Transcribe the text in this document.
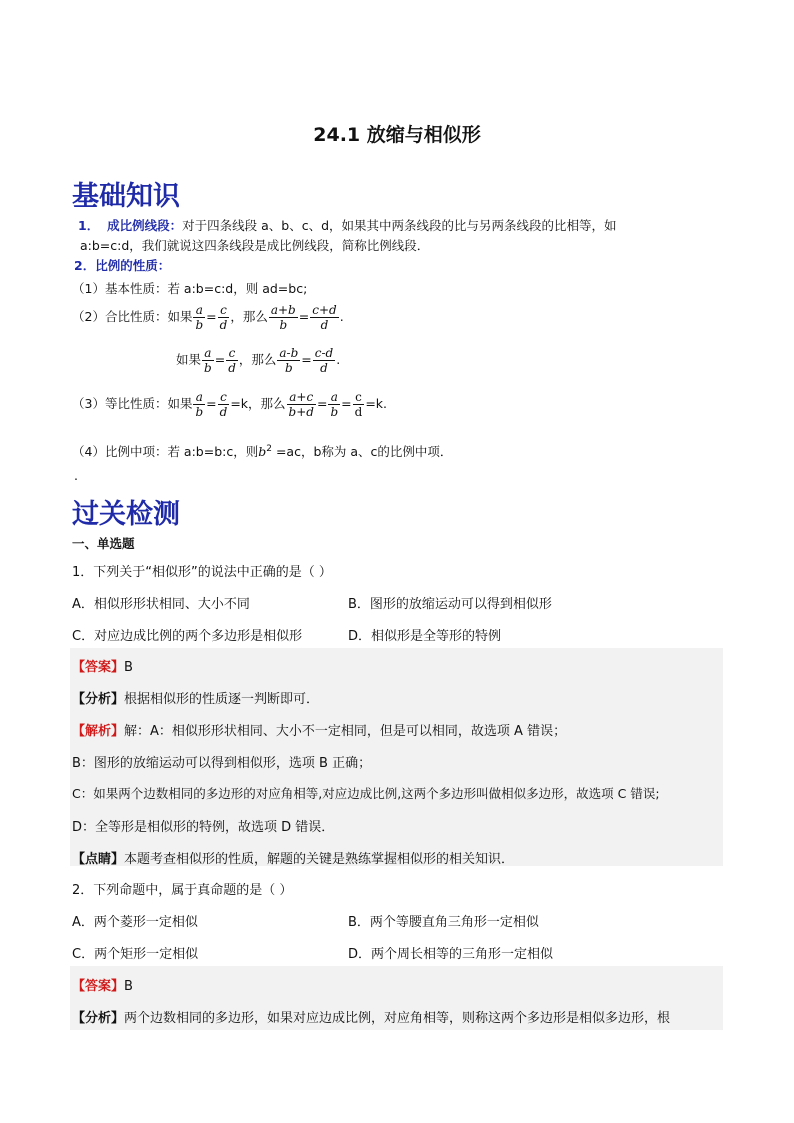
24.1 放缩与相似形
基础知识
1． 成比例线段：对于四条线段 a、b、c、d，如果其中两条线段的比与另两条线段的比相等，如
a:b=c:d，我们就说这四条线段是成比例线段，简称比例线段．
2．比例的性质：
（1）基本性质：若 a:b=c:d，则 ad=bc;
（2）合比性质：如果 $\frac{a}{b} = \frac{c}{d}$ ，那么 $\frac{a+b}{b} = \frac{c+d}{d}$ .
如果 $\frac{a}{b} = \frac{c}{d}$ ，那么 $\frac{a-b}{b} = \frac{c-d}{d}$ .
（3）等比性质：如果 $\frac{a}{b} = \frac{c}{d} =k$，那么 $\frac{a+c}{b+d} = \frac{a}{b} = \frac{c}{d} =k$.
（4）比例中项：若 a:b=b:c，则$b^2 =ac$，b称为 a、c的比例中项．
.
过关检测
一、单选题
1．下列关于“相似形”的说法中正确的是（ ）
A．相似形形状相同、大小不同	B．图形的放缩运动可以得到相似形
C．对应边成比例的两个多边形是相似形	D．相似形是全等形的特例
【答案】B
【分析】根据相似形的性质逐一判断即可．
【解析】解：A：相似形形状相同、大小不一定相同，但是可以相同，故选项 A 错误；
B：图形的放缩运动可以得到相似形，选项 B 正确；
C：如果两个边数相同的多边形的对应角相等,对应边成比例,这两个多边形叫做相似多边形，故选项 C 错误;
D：全等形是相似形的特例，故选项 D 错误．
【点睛】本题考查相似形的性质，解题的关键是熟练掌握相似形的相关知识．
2．下列命题中，属于真命题的是（ ）
A．两个菱形一定相似	B．两个等腰直角三角形一定相似
C．两个矩形一定相似	D．两个周长相等的三角形一定相似
【答案】B
【分析】两个边数相同的多边形，如果对应边成比例，对应角相等，则称这两个多边形是相似多边形，根
